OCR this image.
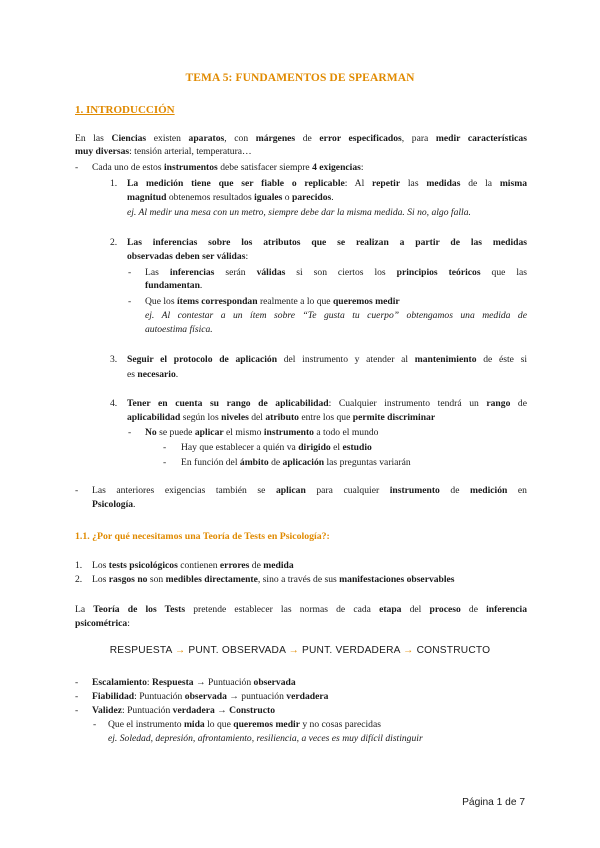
TEMA 5: FUNDAMENTOS DE SPEARMAN
1. INTRODUCCIÓN
En las Ciencias existen aparatos, con márgenes de error especificados, para medir características
muy diversas: tensión arterial, temperatura…
- Cada uno de estos instrumentos debe satisfacer siempre 4 exigencias:
1. La medición tiene que ser fiable o replicable: Al repetir las medidas de la misma
magnitud obtenemos resultados iguales o parecidos.
ej. Al medir una mesa con un metro, siempre debe dar la misma medida. Si no, algo falla.
2. Las inferencias sobre los atributos que se realizan a partir de las medidas
observadas deben ser válidas:
- Las inferencias serán válidas si son ciertos los principios teóricos que las
fundamentan.
- Que los ítems correspondan realmente a lo que queremos medir
ej. Al contestar a un ítem sobre “Te gusta tu cuerpo” obtengamos una medida de
autoestima física.
3. Seguir el protocolo de aplicación del instrumento y atender al mantenimiento de éste si
es necesario.
4. Tener en cuenta su rango de aplicabilidad: Cualquier instrumento tendrá un rango de
aplicabilidad según los niveles del atributo entre los que permite discriminar
- No se puede aplicar el mismo instrumento a todo el mundo
- Hay que establecer a quién va dirigido el estudio
- En función del ámbito de aplicación las preguntas variarán
- Las anteriores exigencias también se aplican para cualquier instrumento de medición en
Psicología.
1.1. ¿Por qué necesitamos una Teoría de Tests en Psicología?:
1. Los tests psicológicos contienen errores de medida
2. Los rasgos no son medibles directamente, sino a través de sus manifestaciones observables
La Teoría de los Tests pretende establecer las normas de cada etapa del proceso de inferencia
psicométrica:
RESPUESTA → PUNT. OBSERVADA → PUNT. VERDADERA → CONSTRUCTO
- Escalamiento: Respuesta → Puntuación observada
- Fiabilidad: Puntuación observada → puntuación verdadera
- Validez: Puntuación verdadera → Constructo
- Que el instrumento mida lo que queremos medir y no cosas parecidas
ej. Soledad, depresión, afrontamiento, resiliencia, a veces es muy difícil distinguir
Página 1 de 7
